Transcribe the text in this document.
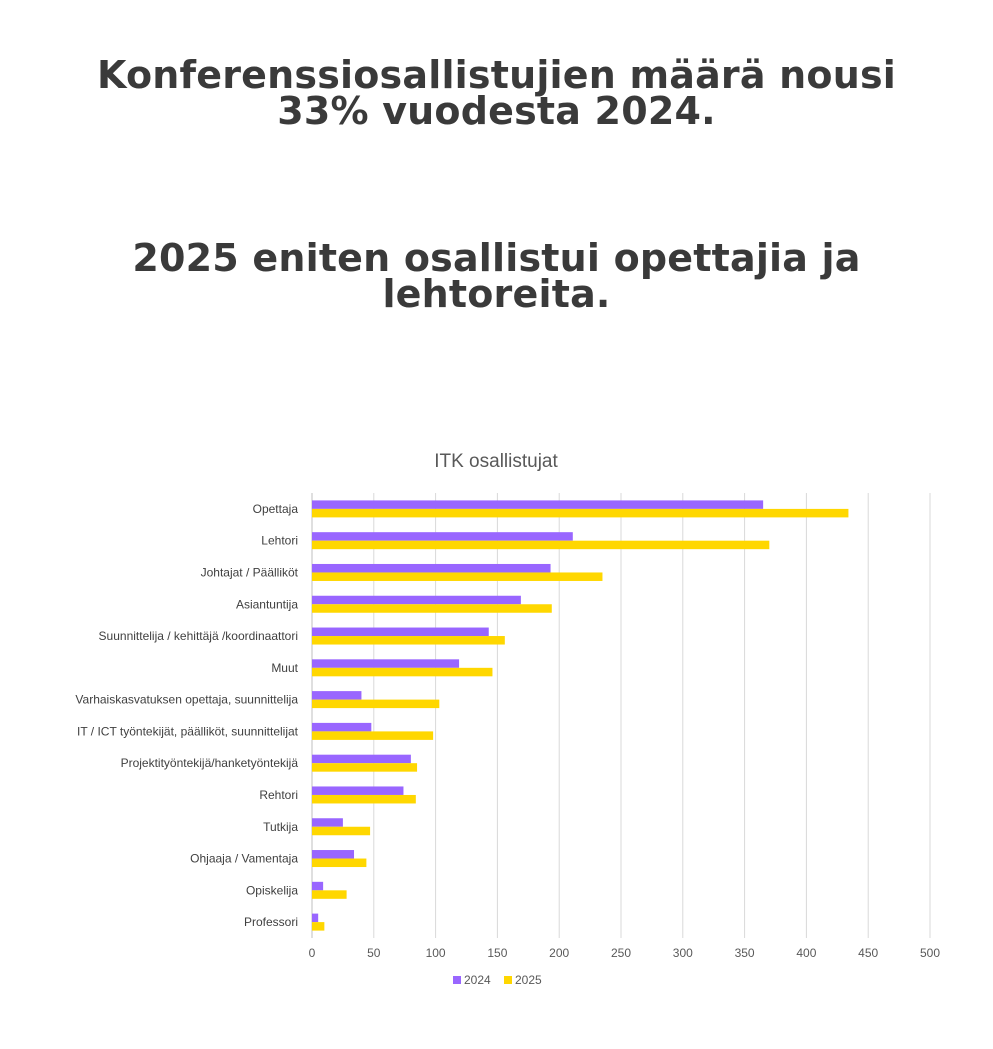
Konferenssiosallistujien määrä nousi
33% vuodesta 2024.
2025 eniten osallistui opettajia ja
lehtoreita.
ITK osallistujat
Opettaja
Lehtori
Johtajat / Päälliköt
Asiantuntija
Suunnittelija / kehittäjä /koordinaattori
Muut
Varhaiskasvatuksen opettaja, suunnittelija
IT / ICT työntekijät, päälliköt, suunnittelijat
Projektityöntekijä/hanketyöntekijä
Rehtori
Tutkija
Ohjaaja / Vamentaja
Opiskelija
Professori
0	50	100	150	200	250	300	350	400	450	500
2024 2025
